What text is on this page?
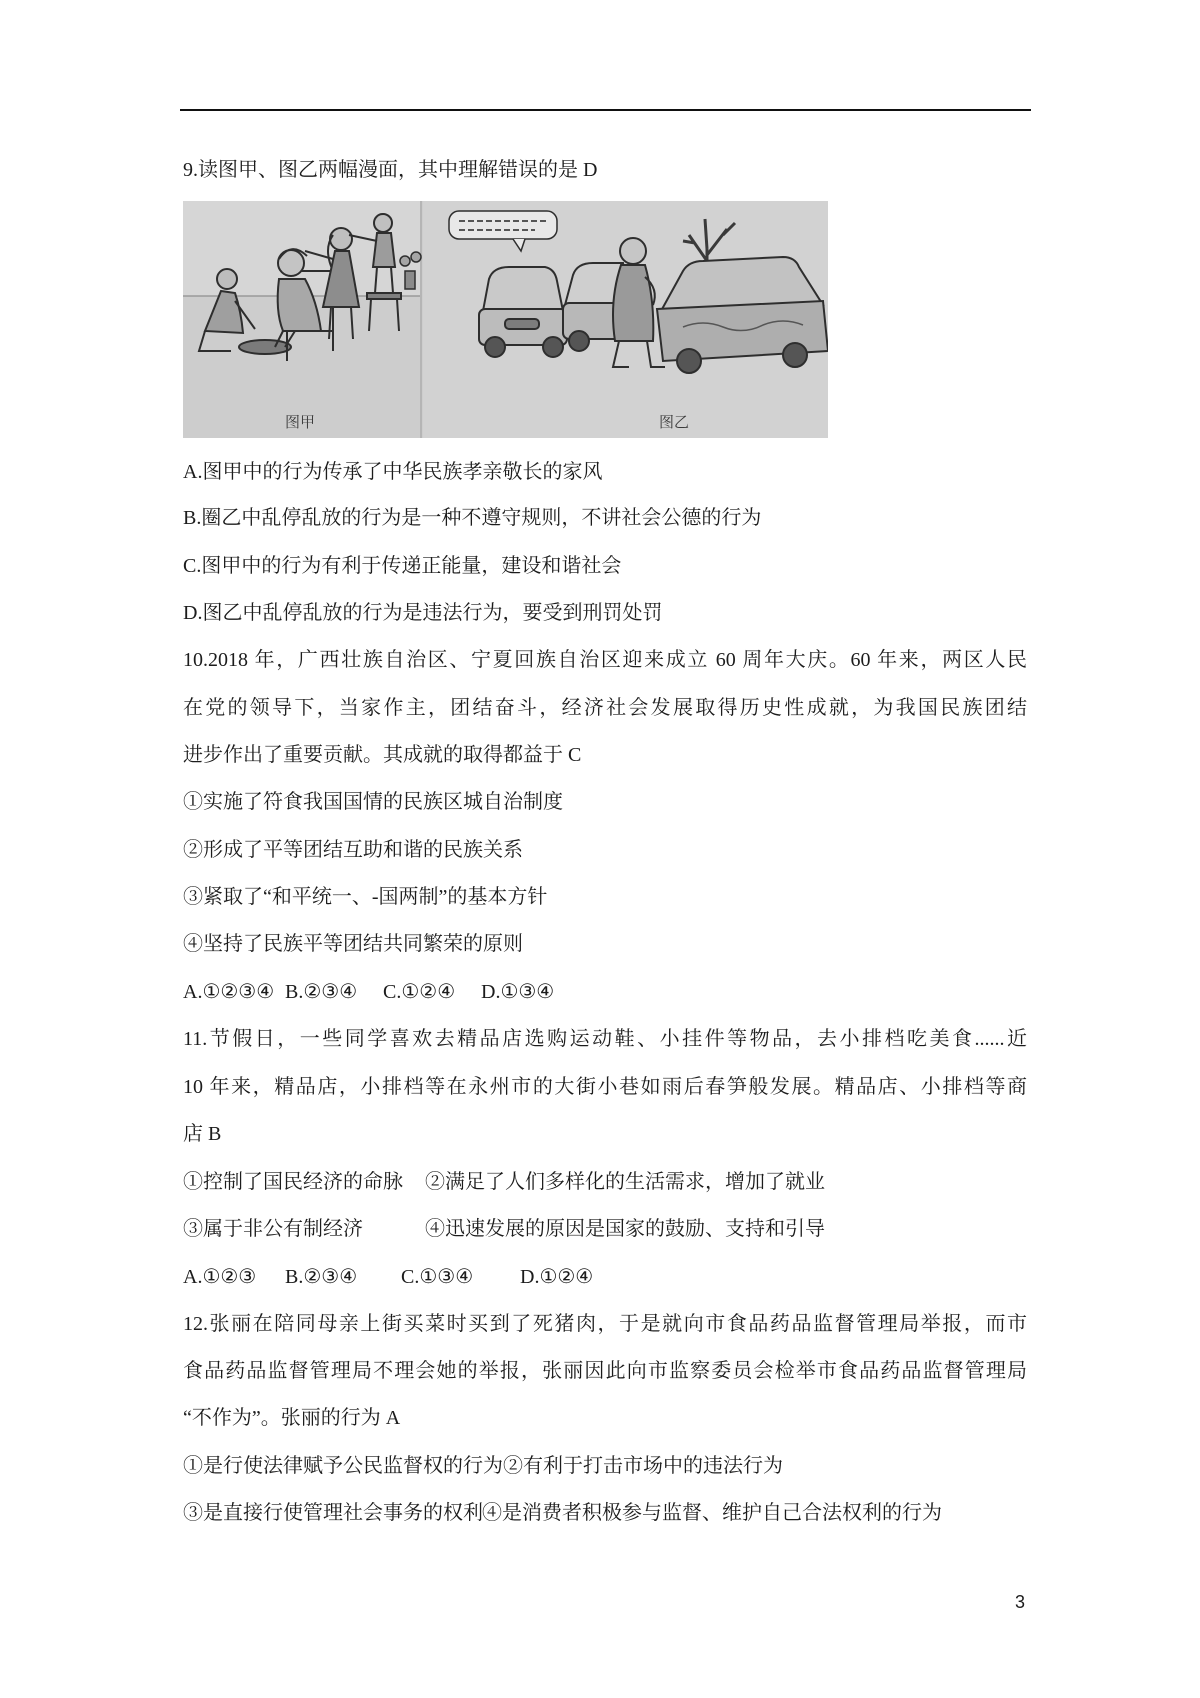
9.读图甲、图乙两幅漫面，其中理解错误的是 D
图甲	图乙
A.图甲中的行为传承了中华民族孝亲敬长的家风
B.圈乙中乱停乱放的行为是一种不遵守规则，不讲社会公德的行为
C.图甲中的行为有利于传递正能量，建设和谐社会
D.图乙中乱停乱放的行为是违法行为，要受到刑罚处罚
10.2018 年，广西壮族自治区、宁夏回族自治区迎来成立 60 周年大庆。60 年来，两区人民
在党的领导下，当家作主，团结奋斗，经济社会发展取得历史性成就，为我国民族团结
进步作出了重要贡献。其成就的取得都益于 C
①实施了符食我国国情的民族区城自治制度
②形成了平等团结互助和谐的民族关系
③紧取了“和平统一、-国两制”的基本方针
④坚持了民族平等团结共同繁荣的原则
A.①②③④ B.②③④ C.①②④ D.①③④
11.节假日，一些同学喜欢去精品店选购运动鞋、小挂件等物品，去小排档吃美食......近
10 年来，精品店，小排档等在永州市的大街小巷如雨后春笋般发展。精品店、小排档等商
店 B
①控制了国民经济的命脉 ②满足了人们多样化的生活需求，增加了就业
③属于非公有制经济	④迅速发展的原因是国家的鼓励、支持和引导
A.①②③ B.②③④ C.①③④ D.①②④
12.张丽在陪同母亲上街买菜时买到了死猪肉，于是就向市食品药品监督管理局举报，而市
食品药品监督管理局不理会她的举报，张丽因此向市监察委员会检举市食品药品监督管理局
“不作为”。张丽的行为 A
①是行使法律赋予公民监督权的行为②有利于打击市场中的违法行为
③是直接行使管理社会事务的权利 ④是消费者积极参与监督、维护自己合法权利的行为
3
